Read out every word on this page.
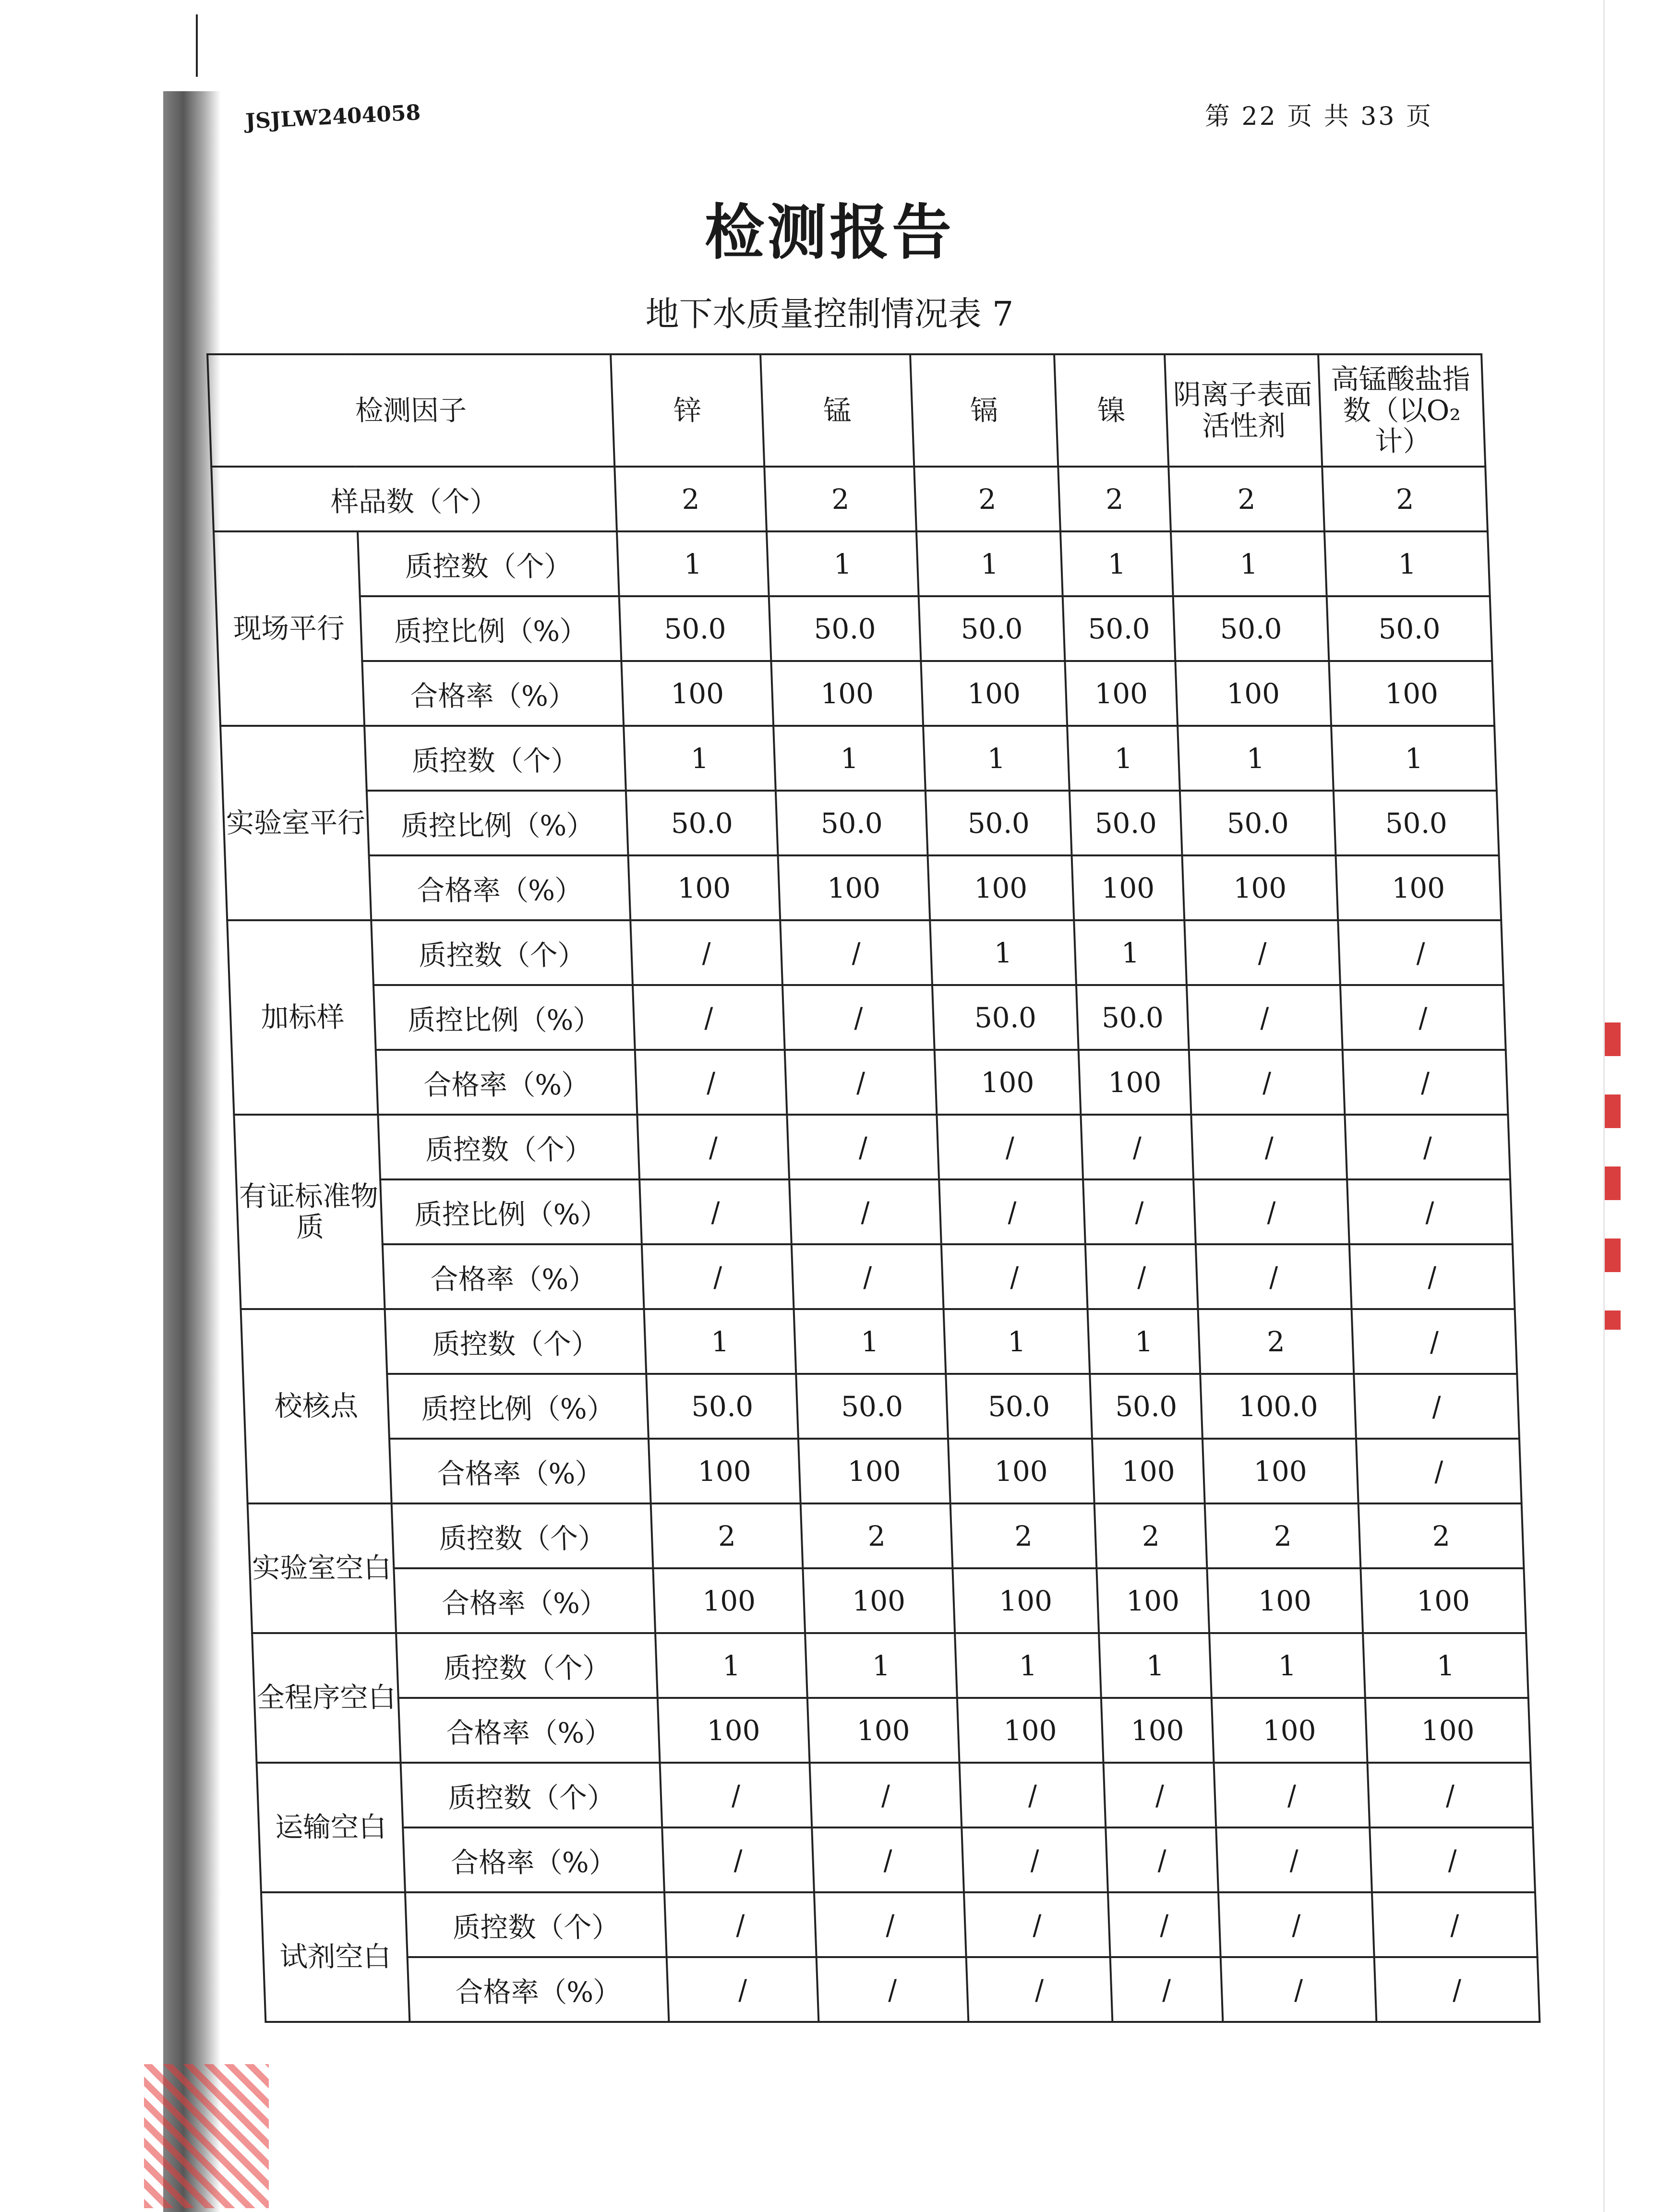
JSJLW2404058	第 22 页 共 33 页
检测报告
地下水质量控制情况表 7
检测因子		锌	锰	镉	镍	阴离子表面活性剂	高锰酸盐指数（以O₂ 计）
样品数（个）		2	2	2	2	2	2
现场平行	质控数（个）	1	1	1	1	1	1
	质控比例（%）	50.0	50.0	50.0	50.0	50.0	50.0
	合格率（%）	100	100	100	100	100	100
实验室平行	质控数（个）	1	1	1	1	1	1
	质控比例（%）	50.0	50.0	50.0	50.0	50.0	50.0
	合格率（%）	100	100	100	100	100	100
加标样	质控数（个）	/	/	1	1	/	/
	质控比例（%）	/	/	50.0	50.0	/	/
	合格率（%）	/	/	100	100	/	/
有证标准物质	质控数（个）	/	/	/	/	/	/
	质控比例（%）	/	/	/	/	/	/
	合格率（%）	/	/	/	/	/	/
校核点	质控数（个）	1	1	1	1	2	/
	质控比例（%）	50.0	50.0	50.0	50.0	100.0	/
	合格率（%）	100	100	100	100	100	/
实验室空白	质控数（个）	2	2	2	2	2	2
	合格率（%）	100	100	100	100	100	100
全程序空白	质控数（个）	1	1	1	1	1	1
	合格率（%）	100	100	100	100	100	100
运输空白	质控数（个）	/	/	/	/	/	/
	合格率（%）	/	/	/	/	/	/
试剂空白	质控数（个）	/	/	/	/	/	/
	合格率（%）	/	/	/	/	/	/
